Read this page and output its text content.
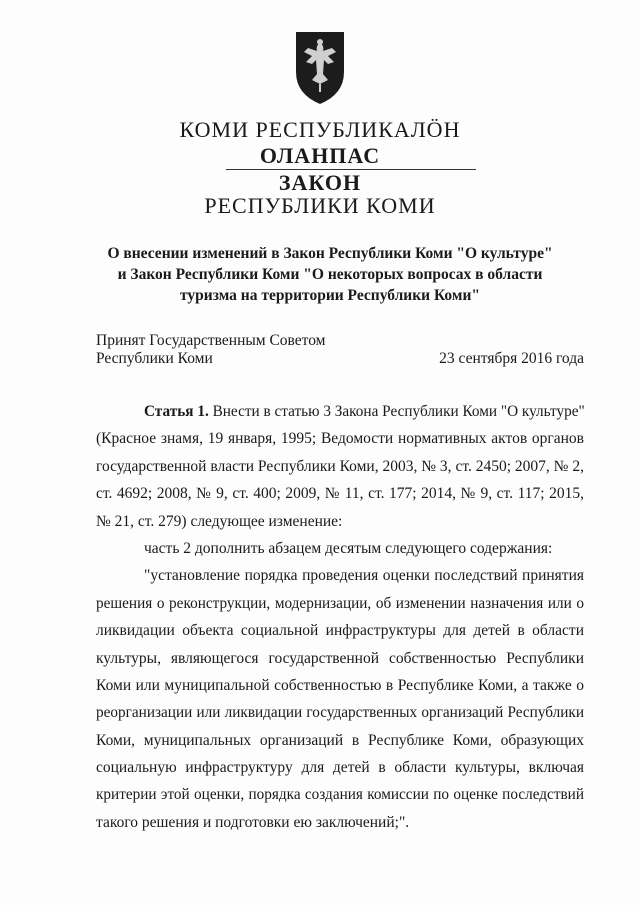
КОМИ РЕСПУБЛИКАЛӦН
ОЛАНПАС
ЗАКОН
РЕСПУБЛИКИ КОМИ
О внесении изменений в Закон Республики Коми "О культуре"
и Закон Республики Коми "О некоторых вопросах в области
туризма на территории Республики Коми"
Принят Государственным Советом
Республики Коми	23 сентября 2016 года
Статья 1. Внести в статью 3 Закона Республики Коми "О культуре"
(Красное знамя, 19 января, 1995; Ведомости нормативных актов органов
государственной власти Республики Коми, 2003, № 3, ст. 2450; 2007, № 2,
ст. 4692; 2008, № 9, ст. 400; 2009, № 11, ст. 177; 2014, № 9, ст. 117; 2015,
№ 21, ст. 279) следующее изменение:
часть 2 дополнить абзацем десятым следующего содержания:
"установление порядка проведения оценки последствий принятия
решения о реконструкции, модернизации, об изменении назначения или о
ликвидации объекта социальной инфраструктуры для детей в области
культуры, являющегося государственной собственностью Республики
Коми или муниципальной собственностью в Республике Коми, а также о
реорганизации или ликвидации государственных организаций Республики
Коми, муниципальных организаций в Республике Коми, образующих
социальную инфраструктуру для детей в области культуры, включая
критерии этой оценки, порядка создания комиссии по оценке последствий
такого решения и подготовки ею заключений;".
